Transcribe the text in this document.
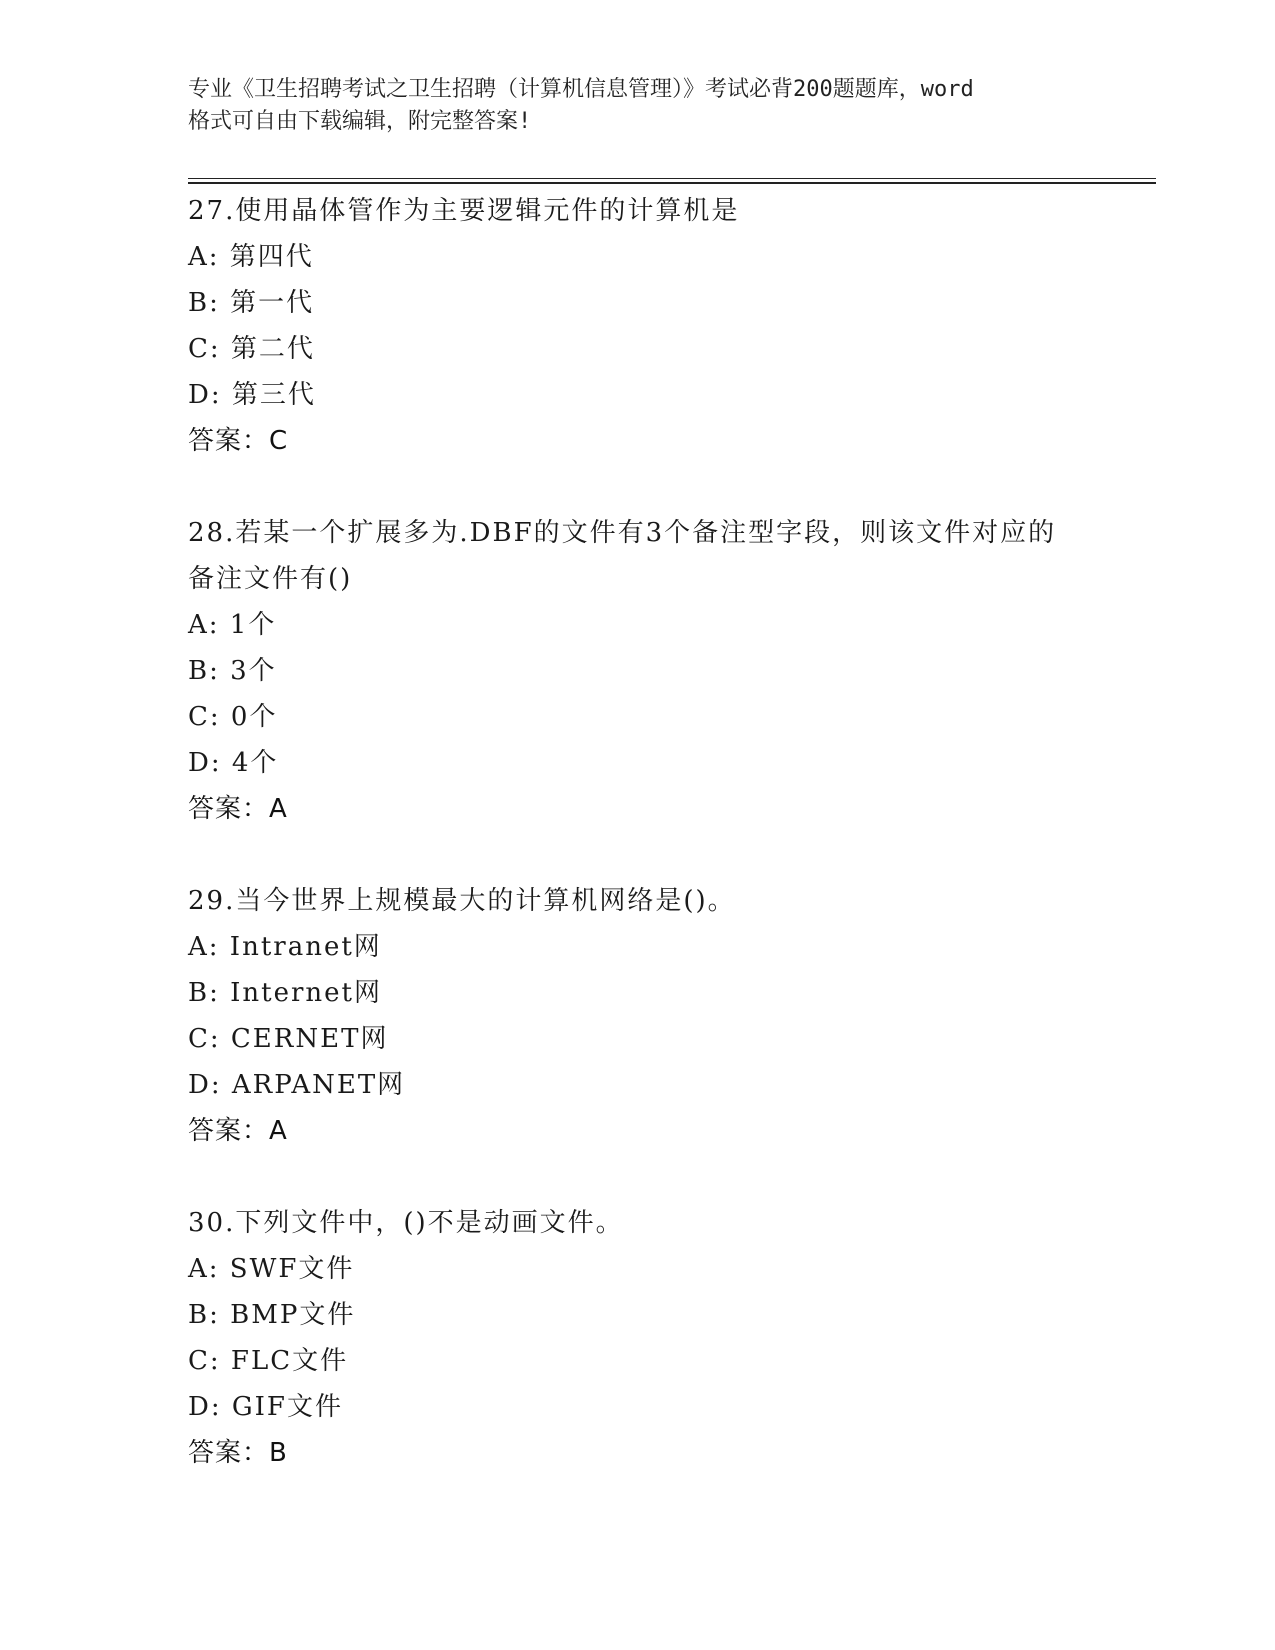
专业《卫生招聘考试之卫生招聘（计算机信息管理）》考试必背200题题库，word
格式可自由下载编辑，附完整答案!
27.使用晶体管作为主要逻辑元件的计算机是
A: 第四代
B: 第一代
C: 第二代
D: 第三代
答案：C
28.若某一个扩展多为.DBF的文件有3个备注型字段，则该文件对应的备注文件有()
A: 1个
B: 3个
C: 0个
D: 4个
答案：A
29.当今世界上规模最大的计算机网络是()。
A: Intranet网
B: Internet网
C: CERNET网
D: ARPANET网
答案：A
30.下列文件中，()不是动画文件。
A: SWF文件
B: BMP文件
C: FLC文件
D: GIF文件
答案：B
